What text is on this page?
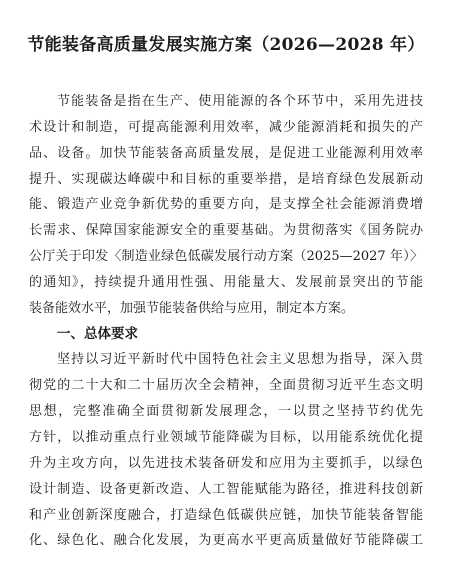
节能装备高质量发展实施方案（2026—2028 年）
节能装备是指在生产、使用能源的各个环节中，采用先进技
术设计和制造，可提高能源利用效率，减少能源消耗和损失的产
品、设备。加快节能装备高质量发展，是促进工业能源利用效率
提升、实现碳达峰碳中和目标的重要举措，是培育绿色发展新动
能、锻造产业竞争新优势的重要方向，是支撑全社会能源消费增
长需求、保障国家能源安全的重要基础。为贯彻落实《国务院办
公厅关于印发〈制造业绿色低碳发展行动方案（2025—2027 年）〉
的通知》，持续提升通用性强、用能量大、发展前景突出的节能
装备能效水平，加强节能装备供给与应用，制定本方案。
一、总体要求
坚持以习近平新时代中国特色社会主义思想为指导，深入贯
彻党的二十大和二十届历次全会精神，全面贯彻习近平生态文明
思想，完整准确全面贯彻新发展理念，一以贯之坚持节约优先
方针，以推动重点行业领域节能降碳为目标，以用能系统优化提
升为主攻方向，以先进技术装备研发和应用为主要抓手，以绿色
设计制造、设备更新改造、人工智能赋能为路径，推进科技创新
和产业创新深度融合，打造绿色低碳供应链，加快节能装备智能
化、绿色化、融合化发展，为更高水平更高质量做好节能降碳工
